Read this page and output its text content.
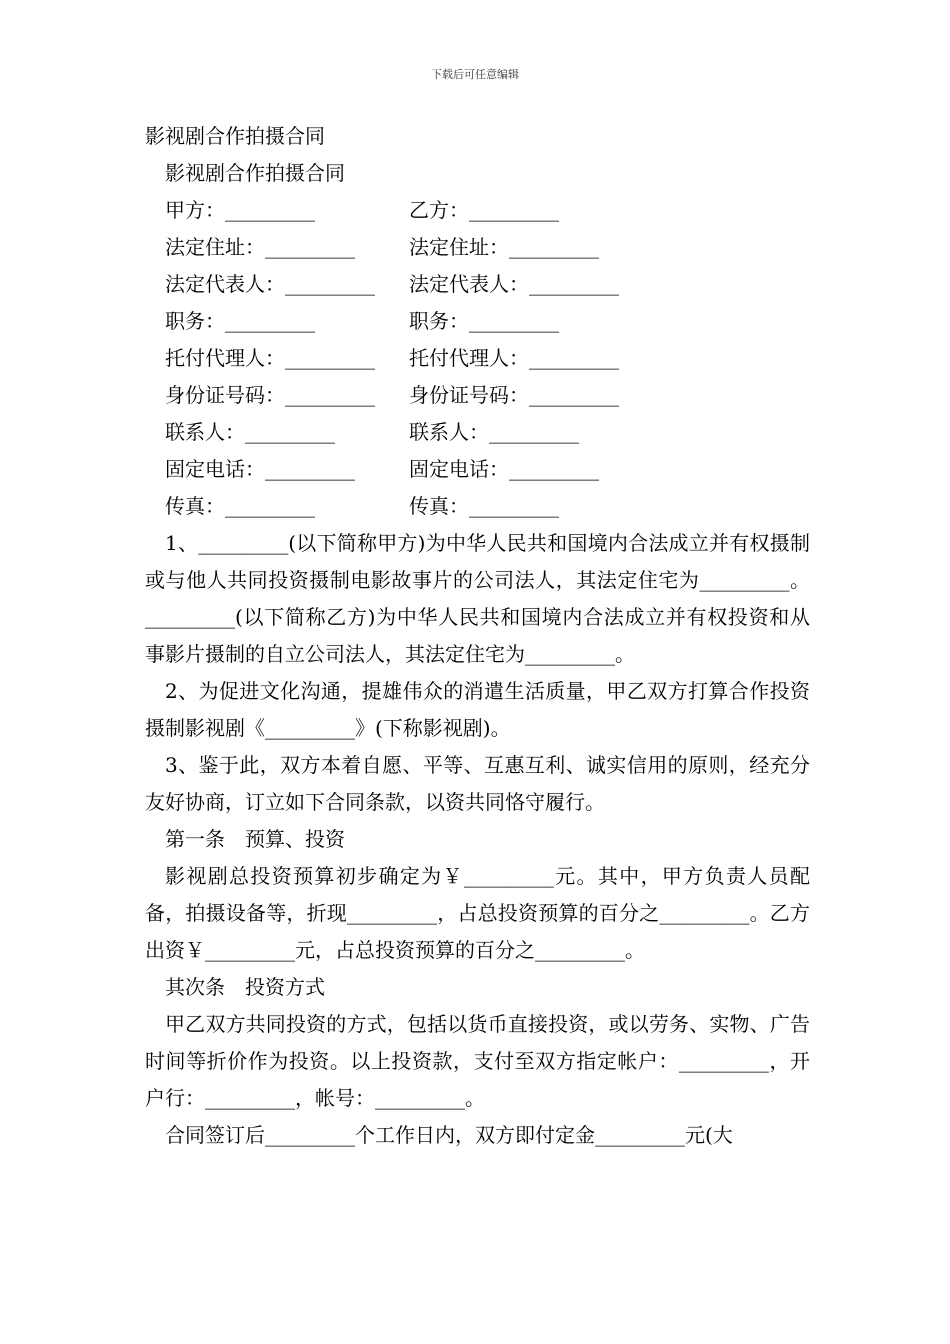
下载后可任意编辑
影视剧合作拍摄合同
影视剧合作拍摄合同
甲方：_________	乙方：_________
法定住址：_________	法定住址：_________
法定代表人：_________	法定代表人：_________
职务：_________	职务：_________
托付代理人：_________	托付代理人：_________
身份证号码：_________	身份证号码：_________
联系人：_________	联系人：_________
固定电话：_________	固定电话：_________
传真：_________	传真：_________
1、_________(以下简称甲方)为中华人民共和国境内合法成立并有权摄制或与他人共同投资摄制电影故事片的公司法人，其法定住宅为_________。_________(以下简称乙方)为中华人民共和国境内合法成立并有权投资和从事影片摄制的自立公司法人，其法定住宅为_________。
2、为促进文化沟通，提雄伟众的消遣生活质量，甲乙双方打算合作投资摄制影视剧《_________》(下称影视剧)。
3、鉴于此，双方本着自愿、平等、互惠互利、诚实信用的原则，经充分友好协商，订立如下合同条款，以资共同恪守履行。
第一条　预算、投资
影视剧总投资预算初步确定为￥_________元。其中，甲方负责人员配备，拍摄设备等，折现_________，占总投资预算的百分之_________。乙方出资￥_________元，占总投资预算的百分之_________。
其次条　投资方式
甲乙双方共同投资的方式，包括以货币直接投资，或以劳务、实物、广告时间等折价作为投资。以上投资款，支付至双方指定帐户：_________，开户行：_________，帐号：_________。
合同签订后_________个工作日内，双方即付定金_________元(大
